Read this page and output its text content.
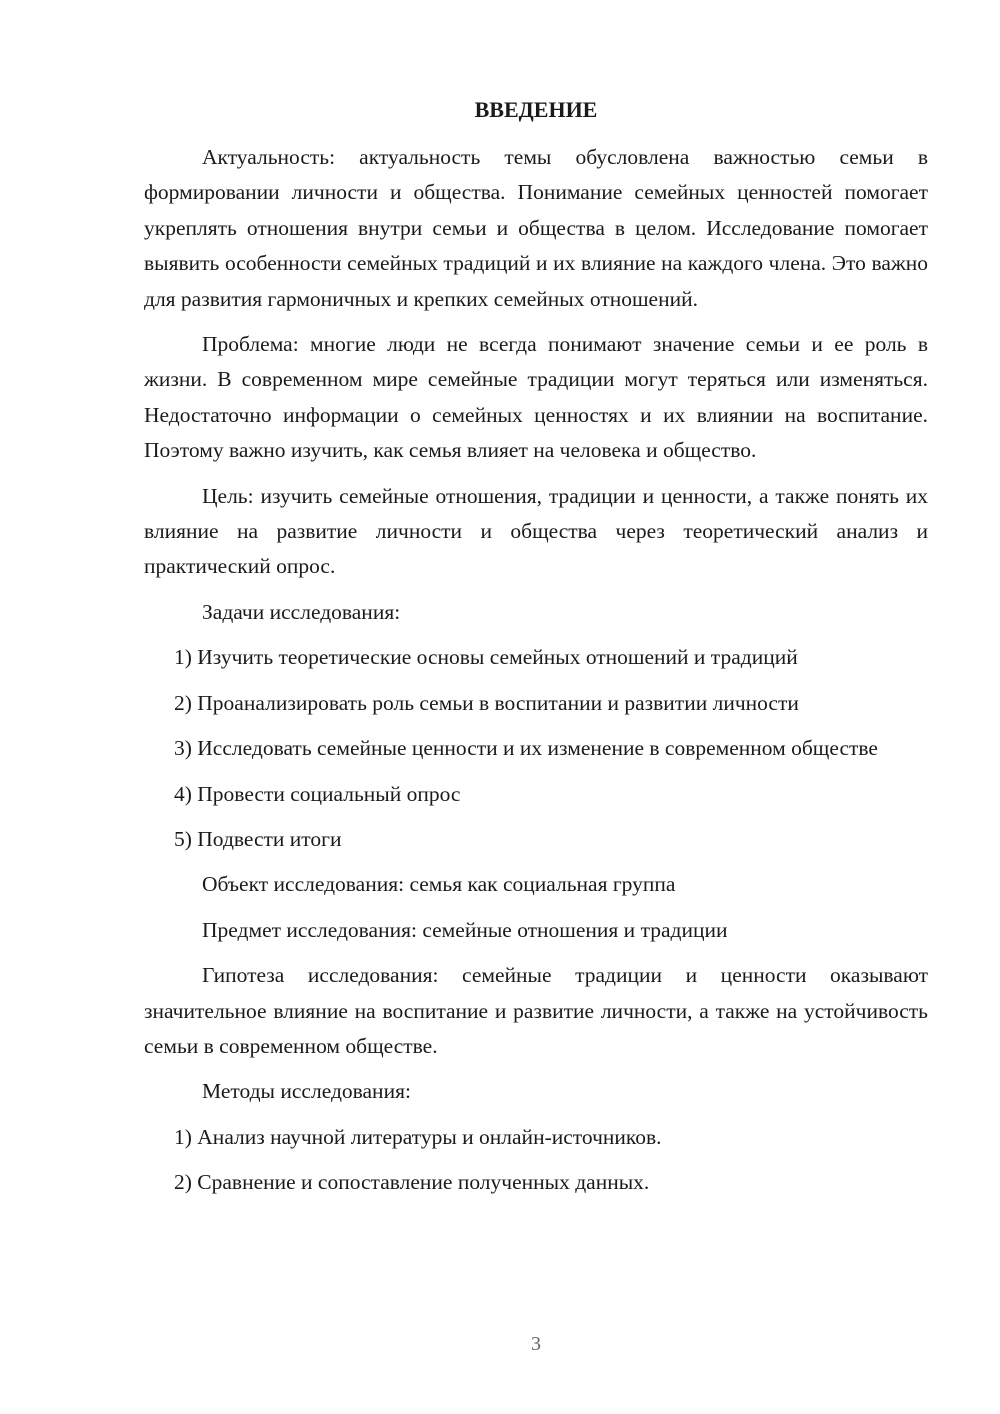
ВВЕДЕНИЕ

Актуальность: актуальность темы обусловлена важностью семьи в формировании личности и общества. Понимание семейных ценностей помогает укреплять отношения внутри семьи и общества в целом. Исследование помогает выявить особенности семейных традиций и их влияние на каждого члена. Это важно для развития гармоничных и крепких семейных отношений.

Проблема: многие люди не всегда понимают значение семьи и ее роль в жизни. В современном мире семейные традиции могут теряться или изменяться. Недостаточно информации о семейных ценностях и их влиянии на воспитание. Поэтому важно изучить, как семья влияет на человека и общество.

Цель: изучить семейные отношения, традиции и ценности, а также понять их влияние на развитие личности и общества через теоретический анализ и практический опрос.

Задачи исследования:

1) Изучить теоретические основы семейных отношений и традиций

2) Проанализировать роль семьи в воспитании и развитии личности

3) Исследовать семейные ценности и их изменение в современном обществе

4) Провести социальный опрос

5) Подвести итоги

Объект исследования: семья как социальная группа

Предмет исследования: семейные отношения и традиции

Гипотеза исследования: семейные традиции и ценности оказывают значительное влияние на воспитание и развитие личности, а также на устойчивость семьи в современном обществе.

Методы исследования:

1) Анализ научной литературы и онлайн-источников.

2) Сравнение и сопоставление полученных данных.

3
